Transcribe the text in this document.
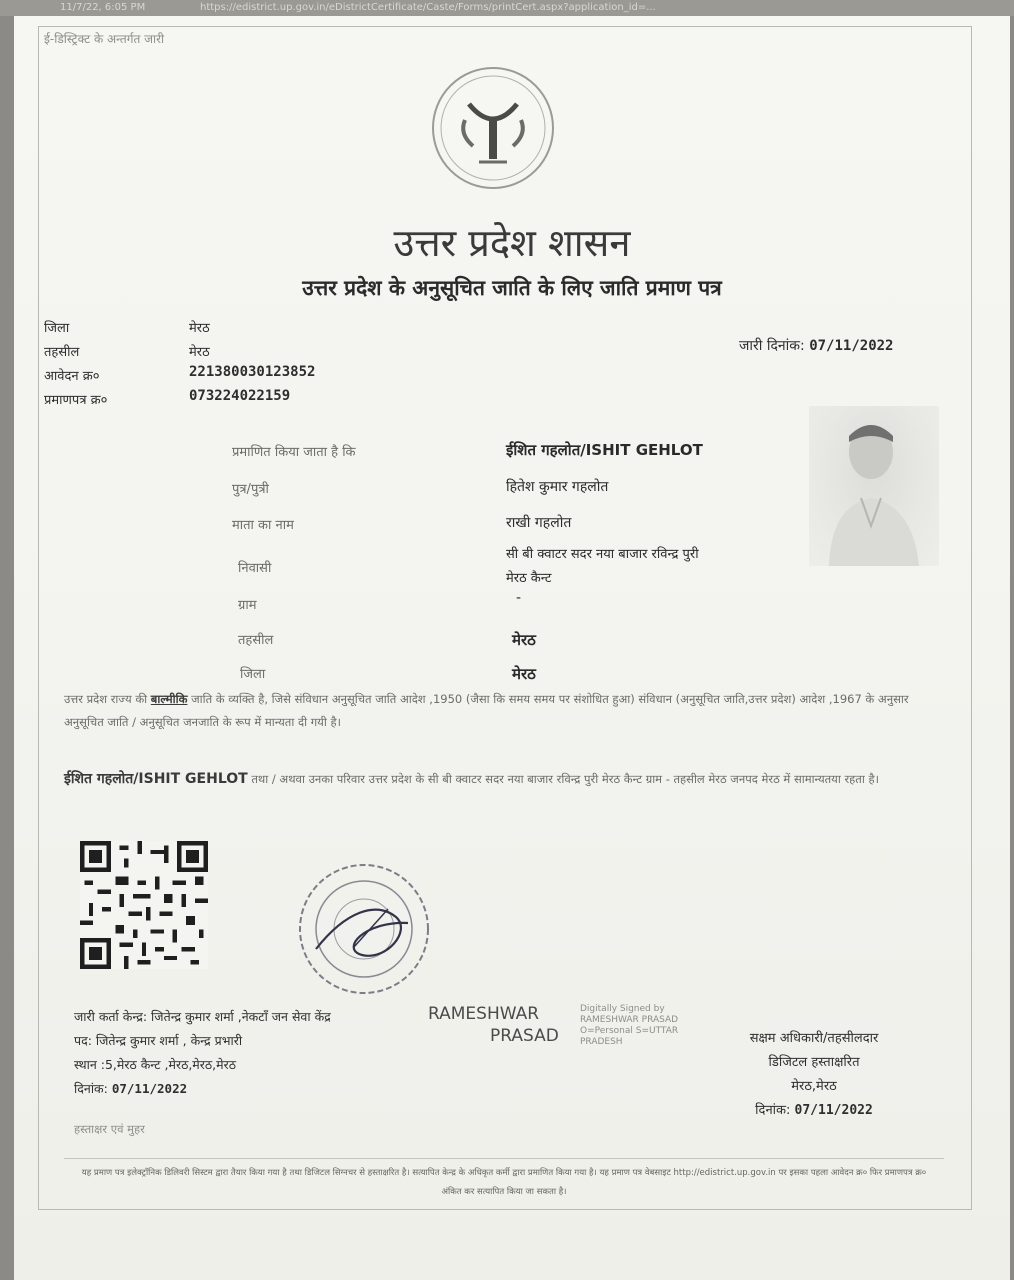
11/7/22, 6:05 PM	https://edistrict.up.gov.in/eDistrictCertificate/Caste/Forms/printCert.aspx?application_id=...
ई-डिस्ट्रिक्ट के अन्तर्गत जारी
उत्तर प्रदेश शासन
उत्तर प्रदेश के अनुसूचित जाति के लिए जाति प्रमाण पत्र
जिला	मेरठ
तहसील	मेरठ
आवेदन क्र०	221380030123852
प्रमाणपत्र क्र०	073224022159
जारी दिनांक: 07/11/2022
प्रमाणित किया जाता है कि	ईशित गहलोत/ISHIT GEHLOT
पुत्र/पुत्री	हितेश कुमार गहलोत
माता का नाम	राखी गहलोत
निवासी
सी बी क्वाटर सदर नया बाजार रविन्द्र पुरी
मेरठ कैन्ट
ग्राम	-
तहसील	मेरठ
जिला	मेरठ
उत्तर प्रदेश राज्य की बाल्मीकि जाति के व्यक्ति है, जिसे संविधान अनुसूचित जाति आदेश ,1950 (जैसा कि समय समय पर संशोधित हुआ) संविधान (अनुसूचित जाति,उत्तर प्रदेश) आदेश ,1967 के अनुसार अनुसूचित जाति / अनुसूचित जनजाति के रूप में मान्यता दी गयी है।
ईशित गहलोत/ISHIT GEHLOT तथा / अथवा उनका परिवार उत्तर प्रदेश के सी बी क्वाटर सदर नया बाजार रविन्द्र पुरी मेरठ कैन्ट ग्राम - तहसील मेरठ जनपद मेरठ में सामान्यतया रहता है।
जारी कर्ता केन्द्र: जितेन्द्र कुमार शर्मा ,नेकटाँ जन सेवा केंद्र
पद: जितेन्द्र कुमार शर्मा , केन्द्र प्रभारी
स्थान :5,मेरठ कैन्ट ,मेरठ,मेरठ,मेरठ
दिनांक: 07/11/2022
हस्ताक्षर एवं मुहर
RAMESHWAR
PRASAD
Digitally Signed by RAMESHWAR PRASAD O=Personal S=UTTAR PRADESH	सक्षम अधिकारी/तहसीलदार
डिजिटल हस्ताक्षरित
मेरठ,मेरठ
दिनांक: 07/11/2022
यह प्रमाण पत्र इलेक्ट्रॉनिक डिलिवरी सिस्टम द्वारा तैयार किया गया है तथा डिजिटल सिग्नचर से हस्ताक्षरित है। सत्यापित केन्द्र के अधिकृत कर्मी द्वारा प्रमाणित किया गया है। यह प्रमाण पत्र वेबसाइट http://edistrict.up.gov.in पर इसका पहला आवेदन क्र० फिर प्रमाणपत्र क्र० अंकित कर सत्यापित किया जा सकता है।
